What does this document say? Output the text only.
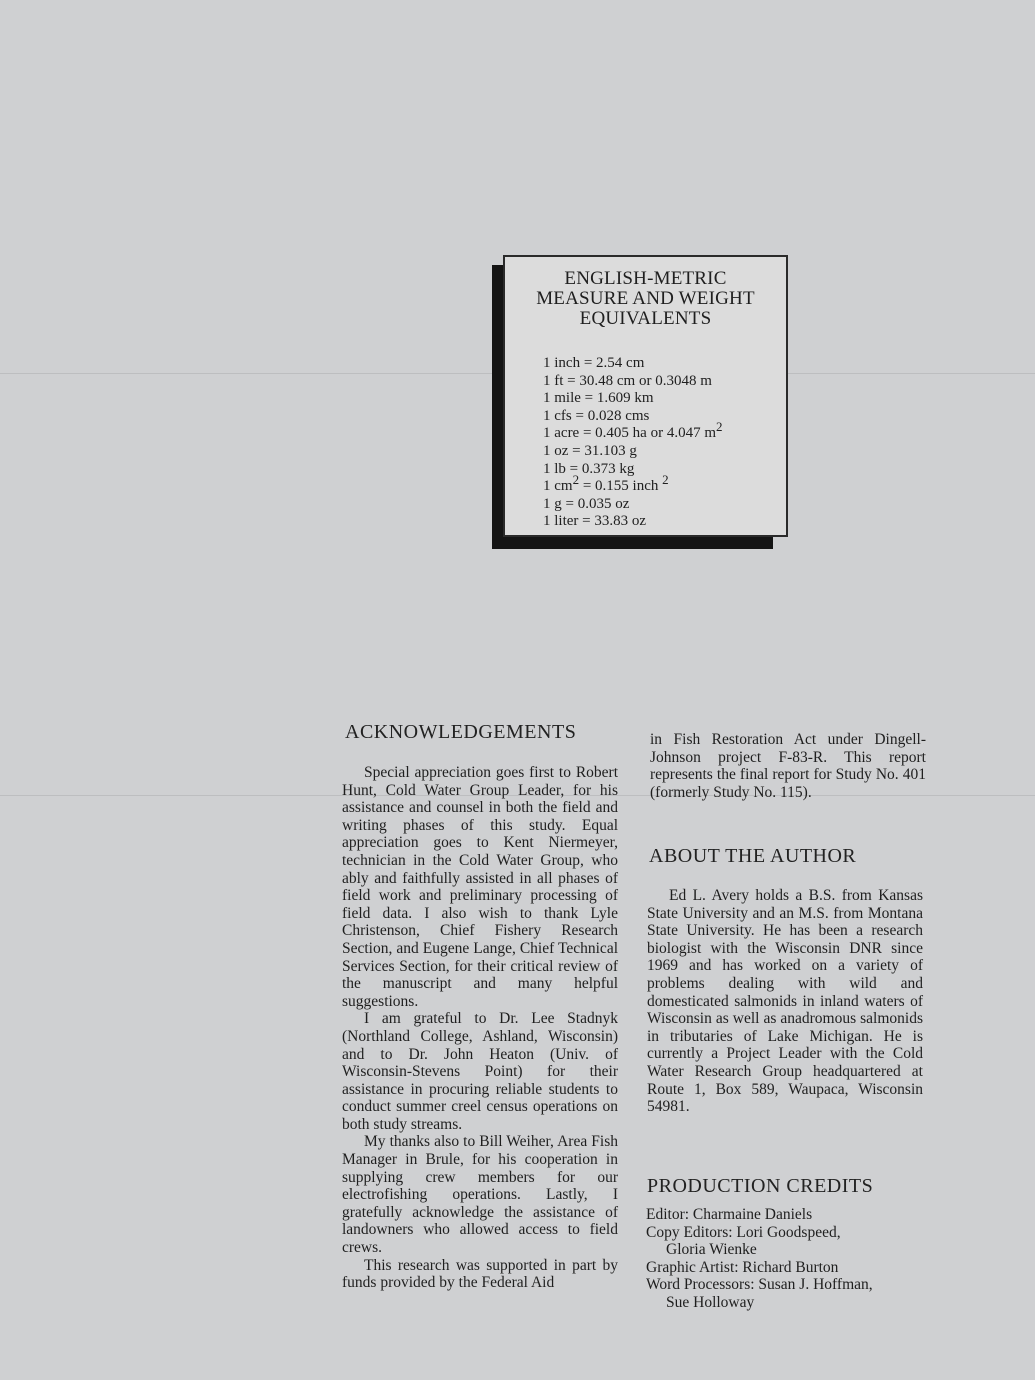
ENGLISH-METRIC
MEASURE AND WEIGHT
EQUIVALENTS
1 inch = 2.54 cm
1 ft = 30.48 cm or 0.3048 m
1 mile = 1.609 km
1 cfs = 0.028 cms
1 acre = 0.405 ha or 4.047 $m^2$
1 oz = 31.103 g
1 lb = 0.373 kg
1 $cm^2 = 0.155$ inch $^2$
1 g = 0.035 oz
1 liter = 33.83 oz
ACKNOWLEDGEMENTS

Special appreciation goes first to Robert Hunt, Cold Water Group Leader, for his assistance and counsel in both the field and writing phases of this study. Equal appreciation goes to Kent Niermeyer, technician in the Cold Water Group, who ably and faithfully assisted in all phases of field work and preliminary processing of field data. I also wish to thank Lyle Christenson, Chief Fishery Research Section, and Eugene Lange, Chief Technical Services Section, for their critical review of the manuscript and many helpful suggestions.

I am grateful to Dr. Lee Stadnyk (Northland College, Ashland, Wisconsin) and to Dr. John Heaton (Univ. of Wisconsin-Stevens Point) for their assistance in procuring reliable students to conduct summer creel census operations on both study streams.

My thanks also to Bill Weiher, Area Fish Manager in Brule, for his cooperation in supplying crew members for our electrofishing operations. Lastly, I gratefully acknowledge the assistance of landowners who allowed access to field crews.

This research was supported in part by funds provided by the Federal Aid

in Fish Restoration Act under Dingell-Johnson project F-83-R. This report represents the final report for Study No. 401 (formerly Study No. 115).

ABOUT THE AUTHOR

Ed L. Avery holds a B.S. from Kansas State University and an M.S. from Montana State University. He has been a research biologist with the Wisconsin DNR since 1969 and has worked on a variety of problems dealing with wild and domesticated salmonids in inland waters of Wisconsin as well as anadromous salmonids in tributaries of Lake Michigan. He is currently a Project Leader with the Cold Water Research Group headquartered at Route 1, Box 589, Waupaca, Wisconsin 54981.

PRODUCTION CREDITS
Editor: Charmaine Daniels
Copy Editors: Lori Goodspeed,
Gloria Wienke
Graphic Artist: Richard Burton
Word Processors: Susan J. Hoffman,
Sue Holloway
